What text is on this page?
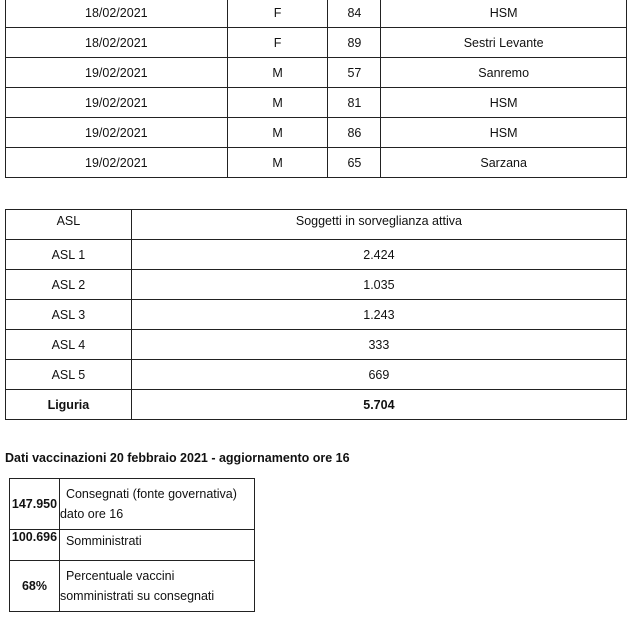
18/02/2021	F	84	HSM
18/02/2021	F	89	Sestri Levante
19/02/2021	M	57	Sanremo
19/02/2021	M	81	HSM
19/02/2021	M	86	HSM
19/02/2021	M	65	Sarzana
ASL	Soggetti in sorveglianza attiva
ASL 1	2.424
ASL 2	1.035
ASL 3	1.243
ASL 4	333
ASL 5	669
Liguria	5.704

Dati vaccinazioni 20 febbraio 2021 - aggiornamento ore 16

147.950	Consegnati (fonte governativa)
dato ore 16

100.696	Somministrati

68%	Percentuale vaccini
somministrati su consegnati
